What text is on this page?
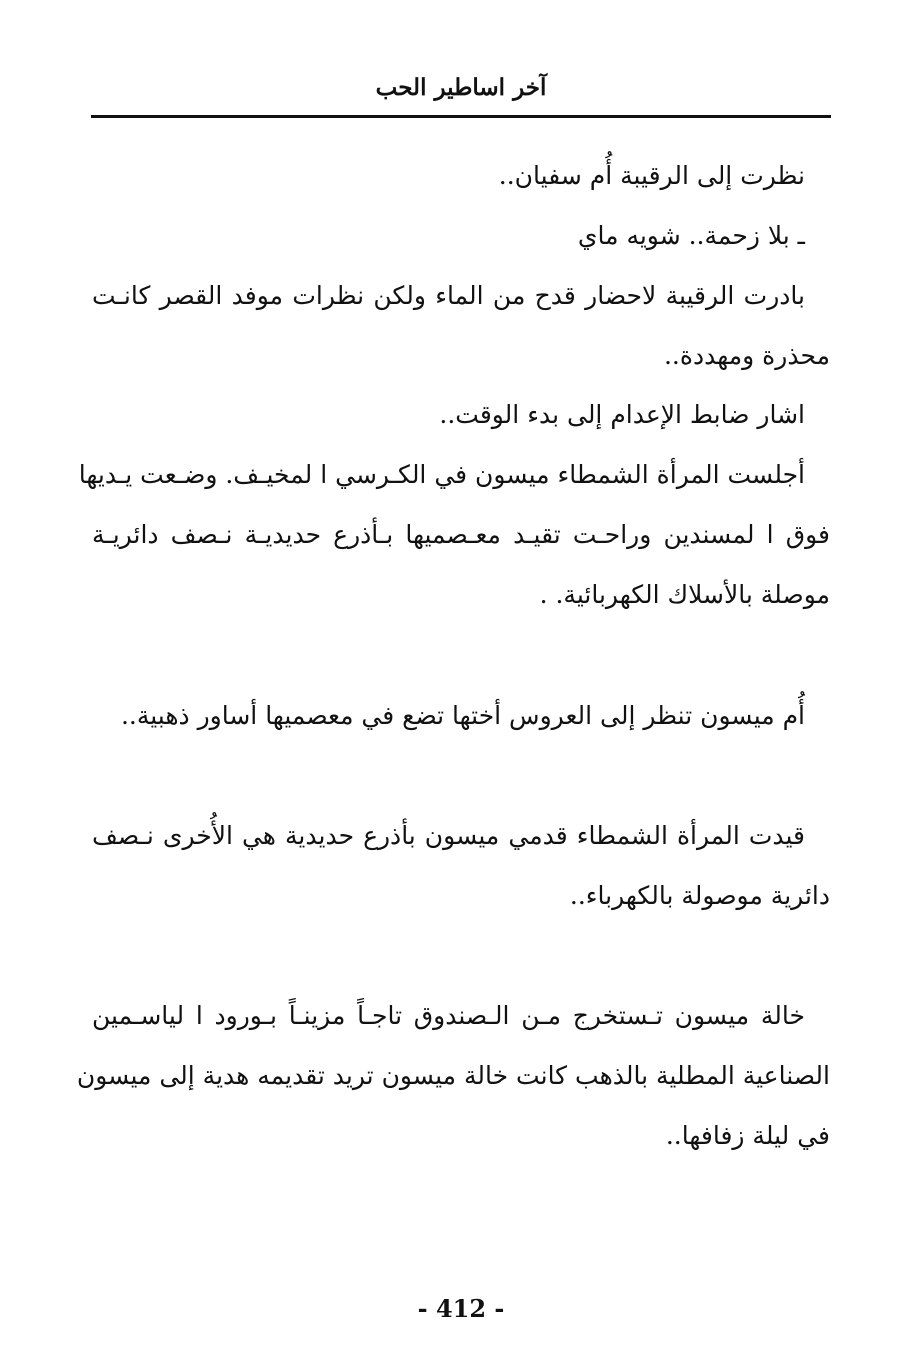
آخر اساطير الحب
نظرت إلى الرقيبة أُم سفيان..
ـ بلا زحمة.. شويه ماي
بادرت الرقيبة لاحضار قدح من الماء ولكن نظرات موفد القصر كانـت
محذرة ومهددة..
اشار ضابط الإعدام إلى بدء الوقت..
أجلست المرأة الشمطاء ميسون في الكـرسي ا لمخيـف. وضـعت يـديها
فوق ا لمسندين وراحـت تقيـد معـصميها بـأذرع حديديـة نـصف دائريـة
موصلة بالأسلاك الكهربائية. .
أُم ميسون تنظر إلى العروس أختها تضع في معصميها أساور ذهبية..
قيدت المرأة الشمطاء قدمي ميسون بأذرع حديدية هي الأُخرى نـصف
دائرية موصولة بالكهرباء..
خالة ميسون تـستخرج مـن الـصندوق تاجـاً مزينـاً بـورود ا لياسـمين
الصناعية المطلية بالذهب كانت خالة ميسون تريد تقديمه هدية إلى ميسون
في ليلة زفافها..
- 412 -
